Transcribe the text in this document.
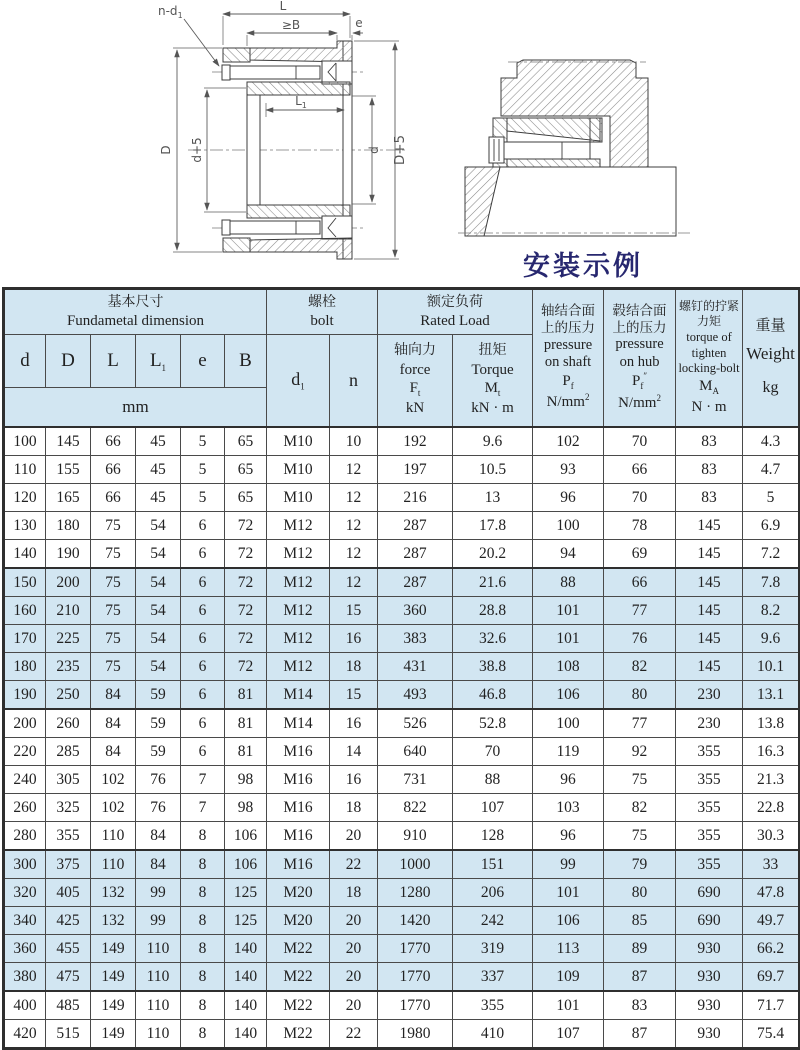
L
≥B	e
$n-d_1$
D d+5	d D+5
$L_1$
安装示例
基本尺寸
Fundametal dimension

螺栓
bolt

额定负荷
Rated Load

轴结合面
上的压力
pressure
on shaft
$P_f$
$N/mm^2$

毂结合面
上的压力
pressure
on hub
$P_f''$
$N/mm^2$

螺钉的拧紧
力矩
torque of
tighten
locking-bolt
$M_A$
N · m

重量
Weight
kg

d	D	L	$L_1$	e	B	$d_1$	n	
轴向力
force
$F_t$
kN

扭矩
Torque
$M_t$
kN · m

mm													
100	145	66	45	5	65	M10	10	192	9.6	102	70	83	4.3
110	155	66	45	5	65	M10	12	197	10.5	93	66	83	4.7
120	165	66	45	5	65	M10	12	216	13	96	70	83	5
130	180	75	54	6	72	M12	12	287	17.8	100	78	145	6.9
140	190	75	54	6	72	M12	12	287	20.2	94	69	145	7.2
150	200	75	54	6	72	M12	12	287	21.6	88	66	145	7.8
160	210	75	54	6	72	M12	15	360	28.8	101	77	145	8.2
170	225	75	54	6	72	M12	16	383	32.6	101	76	145	9.6
180	235	75	54	6	72	M12	18	431	38.8	108	82	145	10.1
190	250	84	59	6	81	M14	15	493	46.8	106	80	230	13.1
200	260	84	59	6	81	M14	16	526	52.8	100	77	230	13.8
220	285	84	59	6	81	M16	14	640	70	119	92	355	16.3
240	305	102	76	7	98	M16	16	731	88	96	75	355	21.3
260	325	102	76	7	98	M16	18	822	107	103	82	355	22.8
280	355	110	84	8	106	M16	20	910	128	96	75	355	30.3
300	375	110	84	8	106	M16	22	1000	151	99	79	355	33
320	405	132	99	8	125	M20	18	1280	206	101	80	690	47.8
340	425	132	99	8	125	M20	20	1420	242	106	85	690	49.7
360	455	149	110	8	140	M22	20	1770	319	113	89	930	66.2
380	475	149	110	8	140	M22	20	1770	337	109	87	930	69.7
400	485	149	110	8	140	M22	20	1770	355	101	83	930	71.7
420	515	149	110	8	140	M22	22	1980	410	107	87	930	75.4
